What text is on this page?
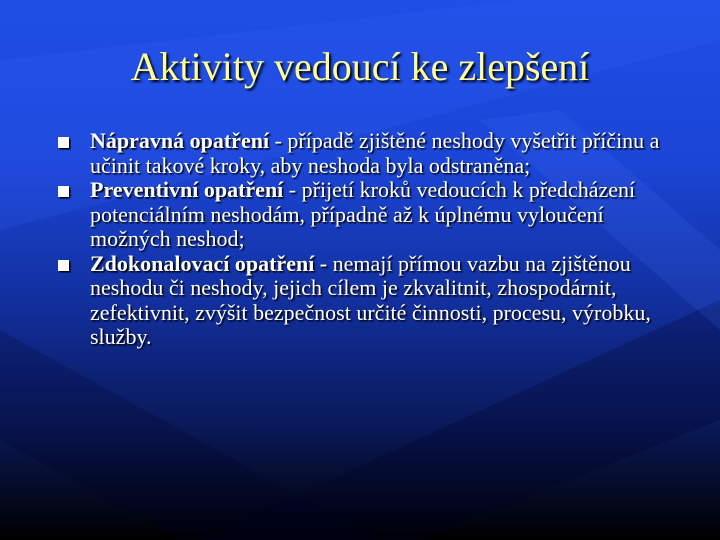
Aktivity vedoucí ke zlepšení
Nápravná opatření - případě zjištěné neshody vyšetřit příčinu a učinit takové kroky, aby neshoda byla odstraněna;
Preventivní opatření - přijetí kroků vedoucích k předcházení potenciálním neshodám, případně až k úplnému vyloučení možných neshod;
Zdokonalovací opatření - nemají přímou vazbu na zjištěnou neshodu či neshody, jejich cílem je zkvalitnit, zhospodárnit, zefektivnit, zvýšit bezpečnost určité činnosti, procesu, výrobku, služby.
